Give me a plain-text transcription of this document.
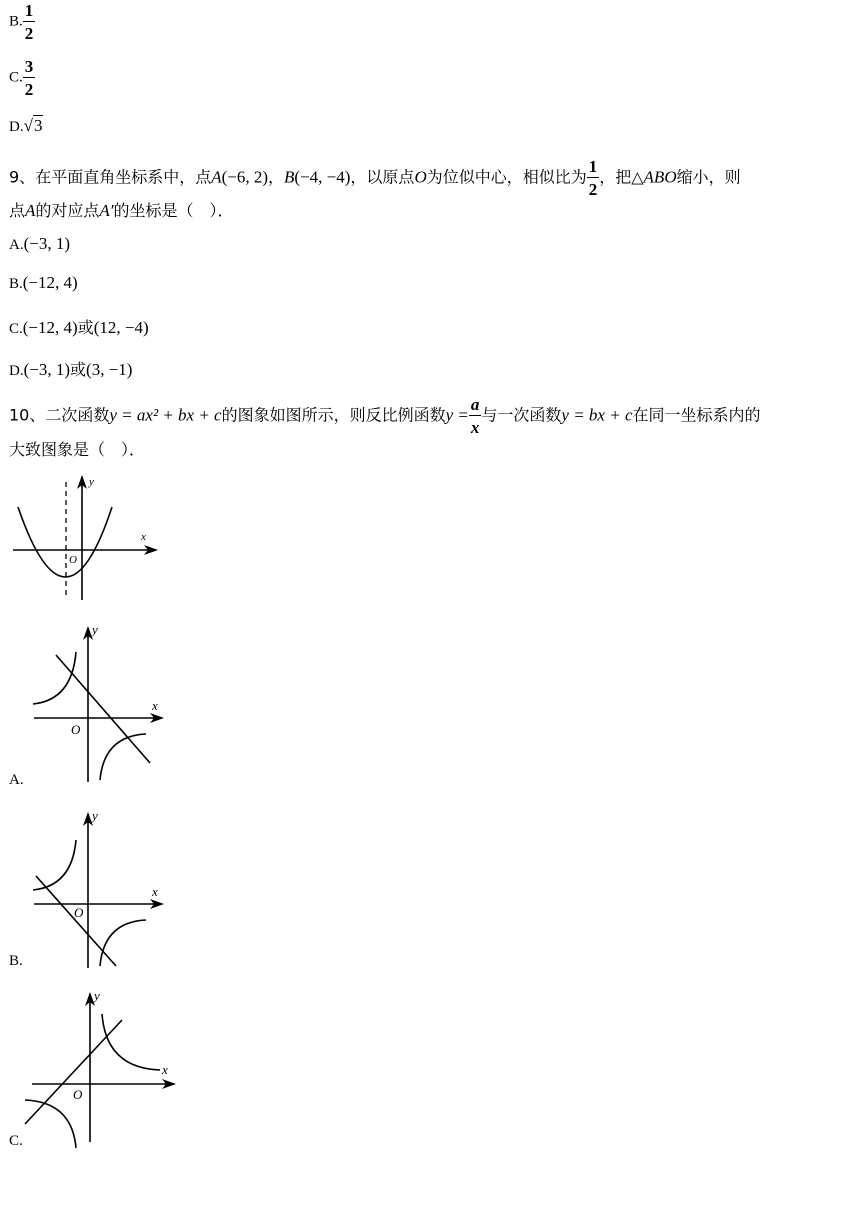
B. $\frac{1}{2}$
C. $\frac{3}{2}$
D.√3
9、在平面直角坐标系中，点A(−6, 2)，B(−4, −4)，以原点O为位似中心，相似比为 $\frac{1}{2}$ ，把△ABO缩小，则
点A的对应点A′的坐标是（　）．
A.(−3, 1)
B.(−12, 4)
C.(−12, 4)或(12, −4)
D.(−3, 1)或(3, −1)
10、二次函数y = ax² + bx + c的图象如图所示，则反比例函数$y = \frac{a}{x}$ 与一次函数y = bx + c在同一坐标系内的
大致图象是（　）．
y
x
O
y
x
O
A.
y
x
O
B.
y
x
O
C.
